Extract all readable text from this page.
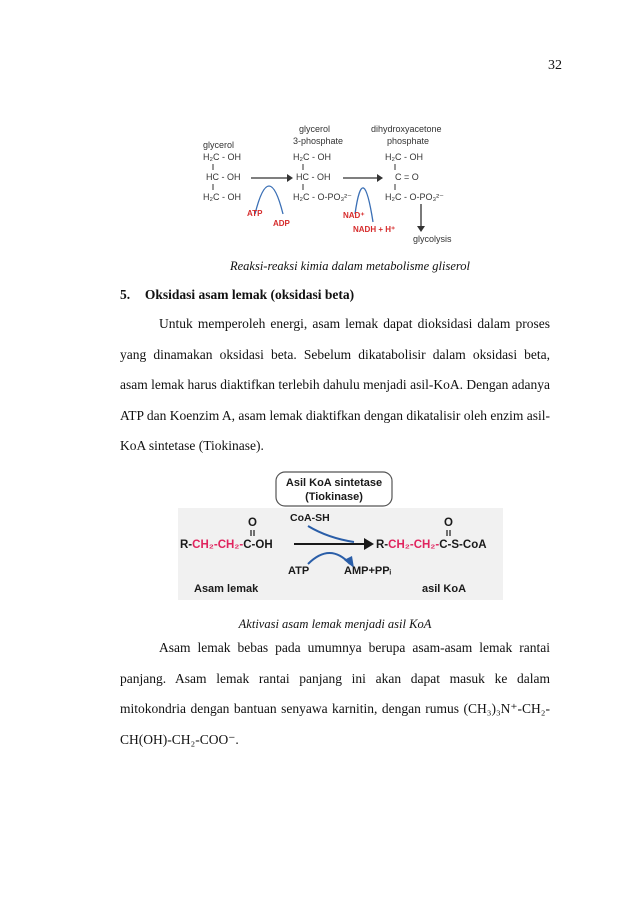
32
glycerol
glycerol
3-phosphate
dihydroxyacetone
phosphate
H₂C - OH
HC - OH
H₂C - OH
H₂C - OH
HC - OH
H₂C - O-PO₃²⁻
H₂C - OH
C = O
H₂C - O-PO₃²⁻
ATP
ADP
NAD⁺
NADH + H⁺
glycolysis
Reaksi-reaksi kimia dalam metabolisme gliserol
5. Oksidasi asam lemak (oksidasi beta)
Untuk memperoleh energi, asam lemak dapat dioksidasi dalam proses yang dinamakan oksidasi beta. Sebelum dikatabolisir dalam oksidasi beta, asam lemak harus diaktifkan terlebih dahulu menjadi asil-KoA. Dengan adanya ATP dan Koenzim A, asam lemak diaktifkan dengan dikatalisir oleh enzim asil-KoA sintetase (Tiokinase).
Asil KoA sintetase
(Tiokinase)
CoA-SH
O	O
R-CH₂-CH₂-C-OH	R-CH₂-CH₂-C-S-CoA
ATP	AMP+PPᵢ
Asam lemak	asil KoA
Aktivasi asam lemak menjadi asil KoA
Asam lemak bebas pada umumnya berupa asam-asam lemak rantai panjang. Asam lemak rantai panjang ini akan dapat masuk ke dalam mitokondria dengan bantuan senyawa karnitin, dengan rumus (CH₃)₃N⁺-CH₂-CH(OH)-CH₂-COO⁻.
